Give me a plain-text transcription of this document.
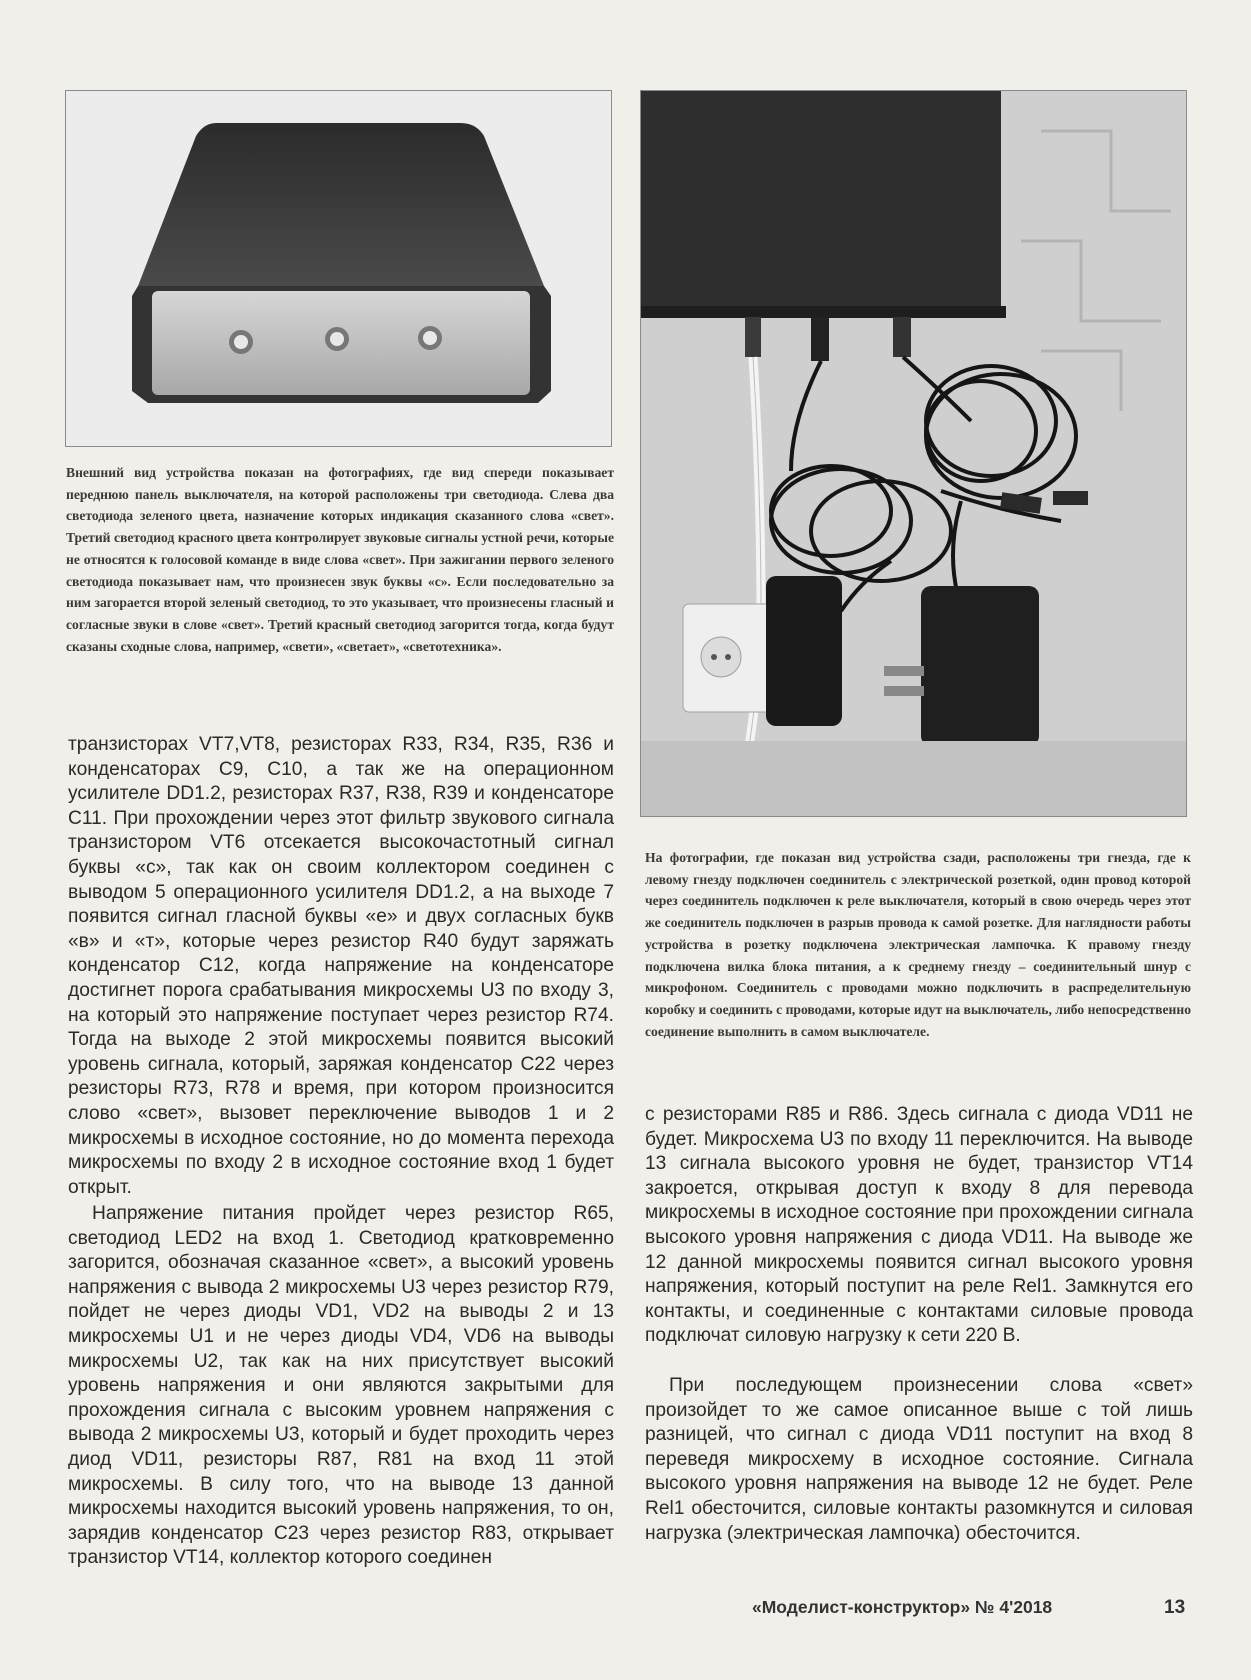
Внешний вид устройства показан на фотографиях, где вид спереди показывает переднюю панель выключателя, на которой расположены три светодиода. Слева два светодиода зеленого цвета, назначение которых индикация сказанного слова «свет». Третий светодиод красного цвета контролирует звуковые сигналы устной речи, которые не относятся к голосовой команде в виде слова «свет». При зажигании первого зеленого светодиода показывает нам, что произнесен звук буквы «с». Если последовательно за ним загорается второй зеленый светодиод, то это указывает, что произнесены гласный и согласные звуки в слове «свет». Третий красный светодиод загорится тогда, когда будут сказаны сходные слова, например, «свети», «светает», «светотехника».

На фотографии, где показан вид устройства сзади, расположены три гнезда, где к левому гнезду подключен соединитель с электрической розеткой, один провод которой через соединитель подключен к реле выключателя, который в свою очередь через этот же соединитель подключен в разрыв провода к самой розетке. Для наглядности работы устройства в розетку подключена электрическая лампочка. К правому гнезду подключена вилка блока питания, а к среднему гнезду – соединительный шнур с микрофоном. Соединитель с проводами можно подключить в распределительную коробку и соединить с проводами, которые идут на выключатель, либо непосредственно соединение выполнить в самом выключателе.

транзисторах VT7,VT8, резисторах R33, R34, R35, R36 и конденсаторах C9, C10, а так же на операционном усилителе DD1.2, резисторах R37, R38, R39 и конденсаторе C11. При прохождении через этот фильтр звукового сигнала транзистором VT6 отсекается высокочастотный сигнал буквы «с», так как он своим коллектором соединен с выводом 5 операционного усилителя DD1.2, а на выходе 7 появится сигнал гласной буквы «е» и двух согласных букв «в» и «т», которые через резистор R40 будут заряжать конденсатор C12, когда напряжение на конденсаторе достигнет порога срабатывания микросхемы U3 по входу 3, на который это напряжение поступает через резистор R74. Тогда на выходе 2 этой микросхемы появится высокий уровень сигнала, который, заряжая конденсатор C22 через резисторы R73, R78 и время, при котором произносится слово «свет», вызовет переключение выводов 1 и 2 микросхемы в исходное состояние, но до момента перехода микросхемы по входу 2 в исходное состояние вход 1 будет открыт.

Напряжение питания пройдет через резистор R65, светодиод LED2 на вход 1. Светодиод кратковременно загорится, обозначая сказанное «свет», а высокий уровень напряжения с вывода 2 микросхемы U3 через резистор R79, пойдет не через диоды VD1, VD2 на выводы 2 и 13 микросхемы U1 и не через диоды VD4, VD6 на выводы микросхемы U2, так как на них присутствует высокий уровень напряжения и они являются закрытыми для прохождения сигнала с высоким уровнем напряжения с вывода 2 микросхемы U3, который и будет проходить через диод VD11, резисторы R87, R81 на вход 11 этой микросхемы. В силу того, что на выводе 13 данной микросхемы находится высокий уровень напряжения, то он, зарядив конденсатор C23 через резистор R83, открывает транзистор VT14, коллектор которого соединен

с резисторами R85 и R86. Здесь сигнала с диода VD11 не будет. Микросхема U3 по входу 11 переключится. На выводе 13 сигнала высокого уровня не будет, транзистор VT14 закроется, открывая доступ к входу 8 для перевода микросхемы в исходное состояние при прохождении сигнала высокого уровня напряжения с диода VD11. На выводе же 12 данной микросхемы появится сигнал высокого уровня напряжения, который поступит на реле Rel1. Замкнутся его контакты, и соединенные с контактами силовые провода подключат силовую нагрузку к сети 220 В.

При последующем произнесении слова «свет» произойдет то же самое описанное выше с той лишь разницей, что сигнал с диода VD11 поступит на вход 8 переведя микросхему в исходное состояние. Сигнала высокого уровня напряжения на выводе 12 не будет. Реле Rel1 обесточится, силовые контакты разомкнутся и силовая нагрузка (электрическая лампочка) обесточится.

«Моделист-конструктор» № 4'2018	13
